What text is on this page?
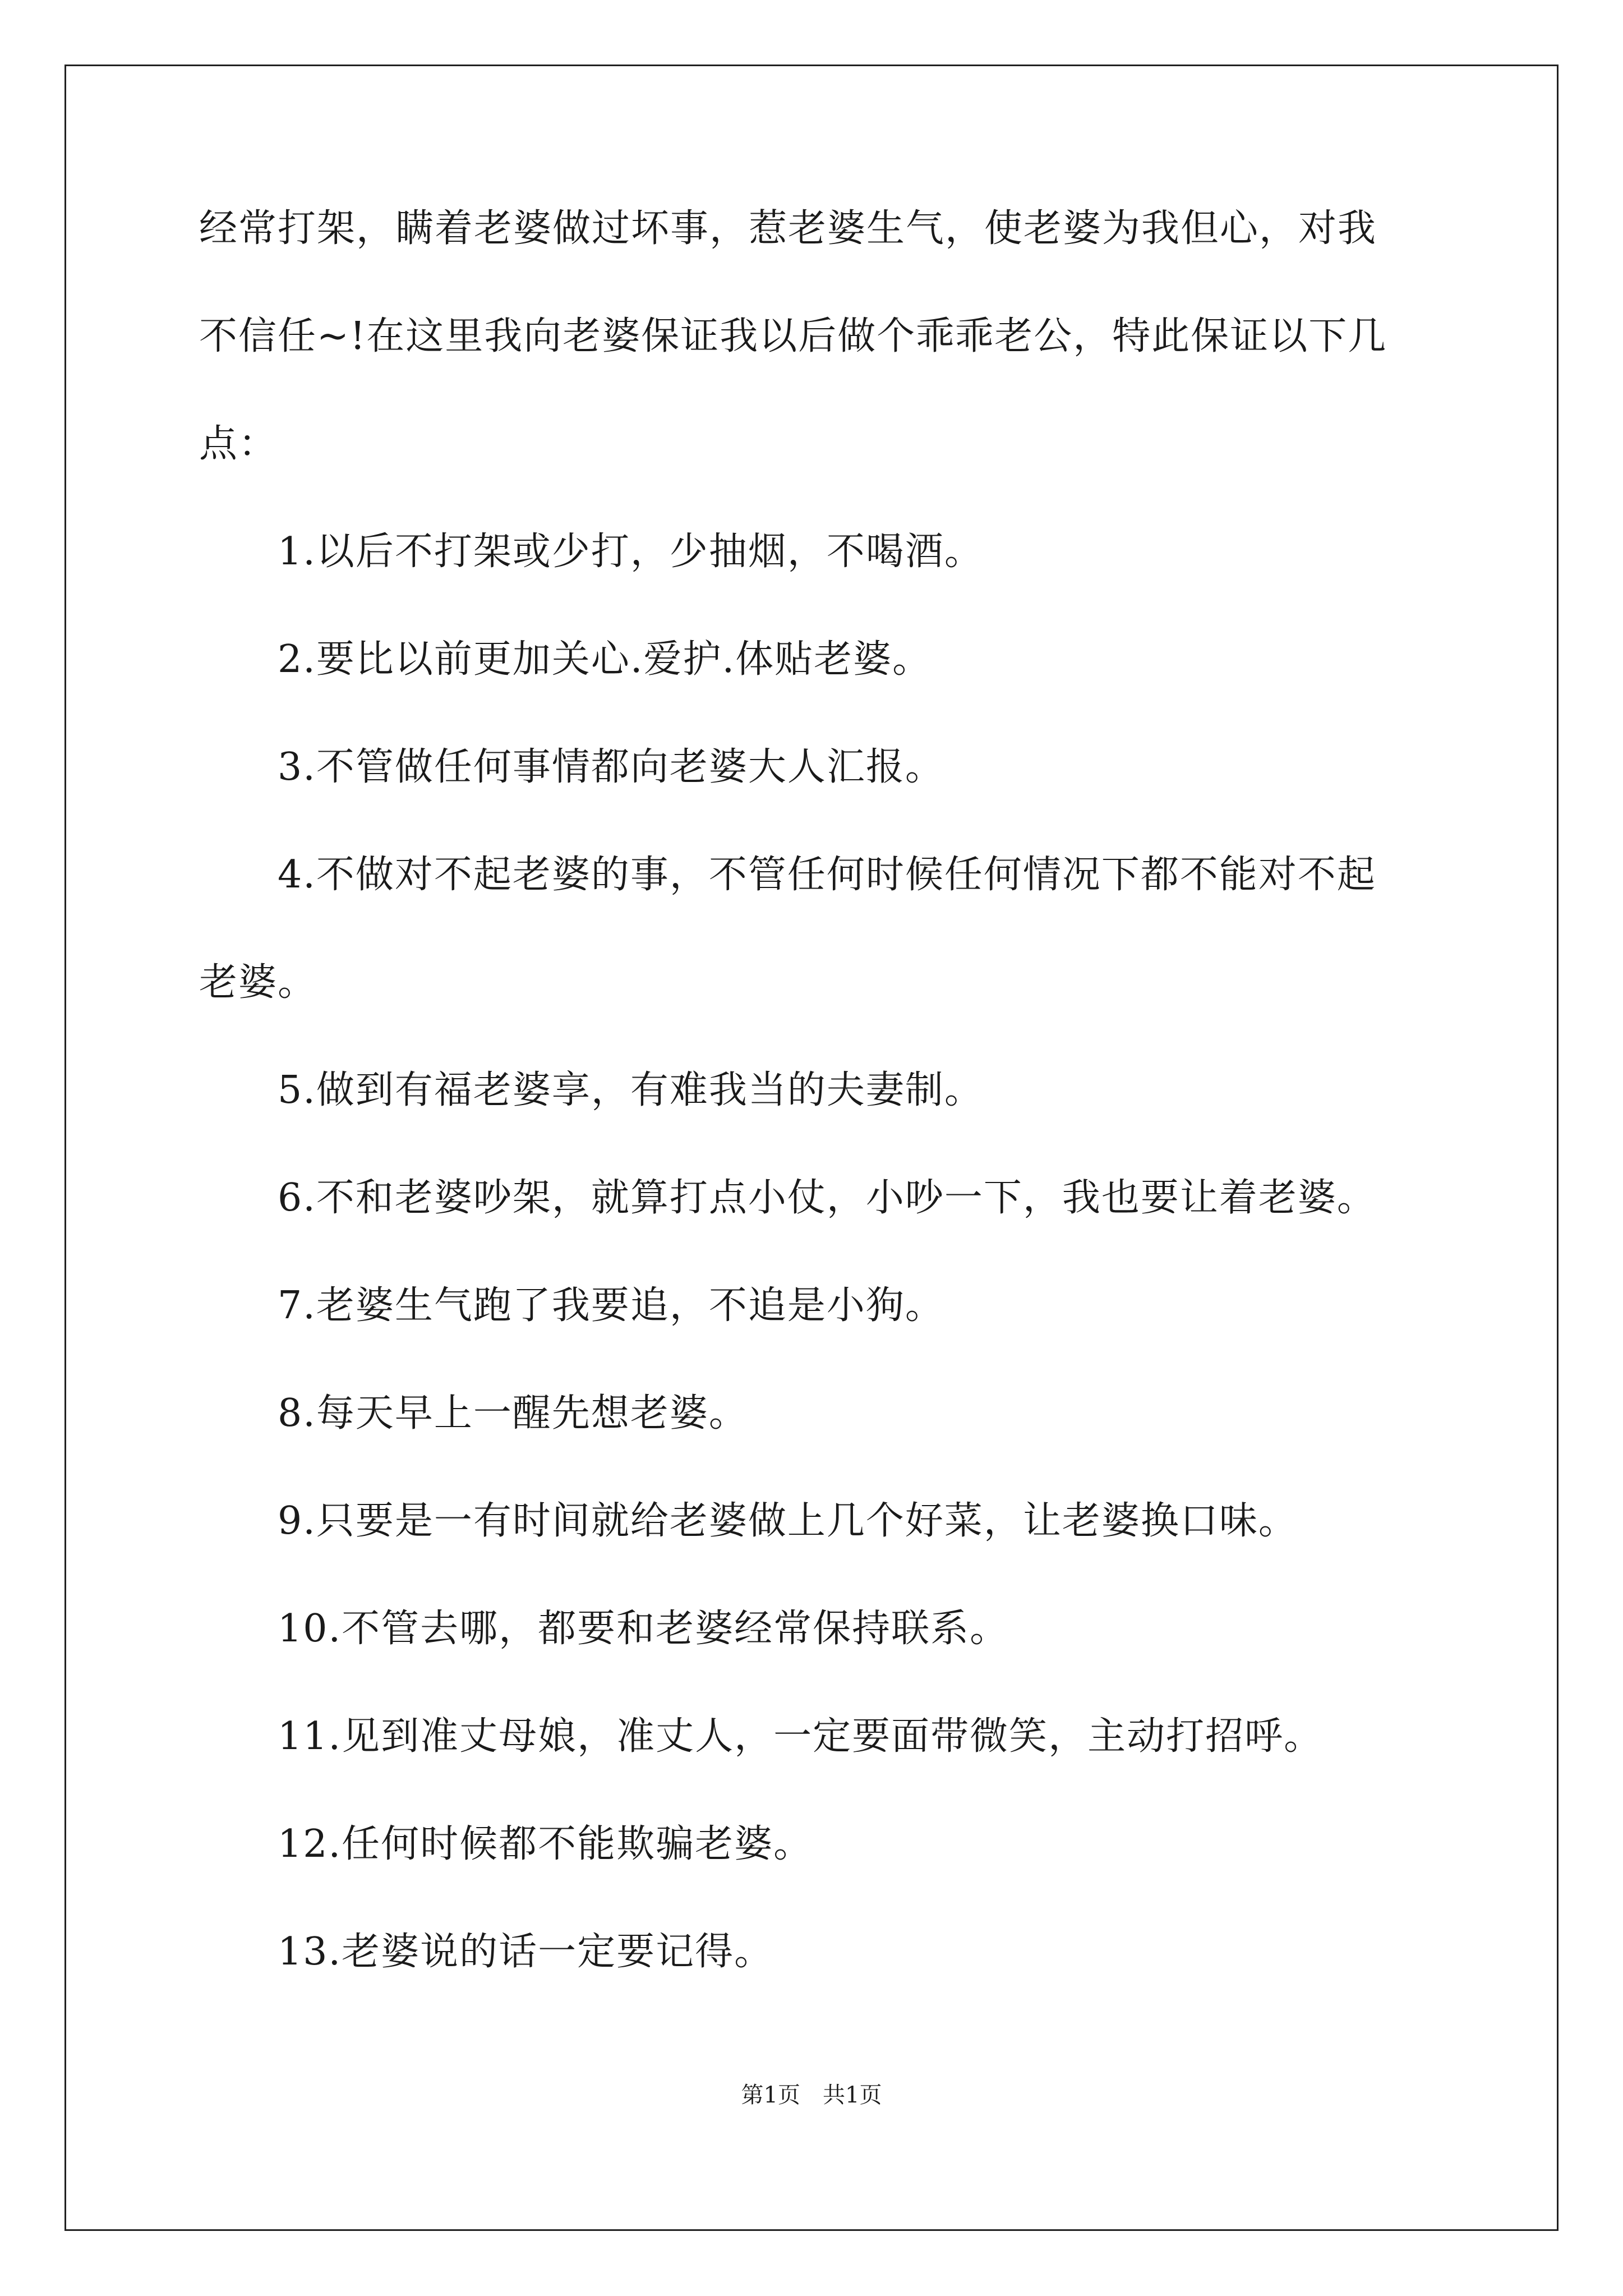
经常打架，瞒着老婆做过坏事，惹老婆生气，使老婆为我但心，对我

不信任~!在这里我向老婆保证我以后做个乖乖老公，特此保证以下几

点：

　　1.以后不打架或少打，少抽烟，不喝酒。

　　2.要比以前更加关心.爱护.体贴老婆。

　　3.不管做任何事情都向老婆大人汇报。

　　4.不做对不起老婆的事，不管任何时候任何情况下都不能对不起

老婆。

　　5.做到有福老婆享，有难我当的夫妻制。

　　6.不和老婆吵架，就算打点小仗，小吵一下，我也要让着老婆。

　　7.老婆生气跑了我要追，不追是小狗。

　　8.每天早上一醒先想老婆。

　　9.只要是一有时间就给老婆做上几个好菜，让老婆换口味。

　　10.不管去哪，都要和老婆经常保持联系。

　　11.见到准丈母娘，准丈人，一定要面带微笑，主动打招呼。

　　12.任何时候都不能欺骗老婆。

　　13.老婆说的话一定要记得。

第1页　共1页
